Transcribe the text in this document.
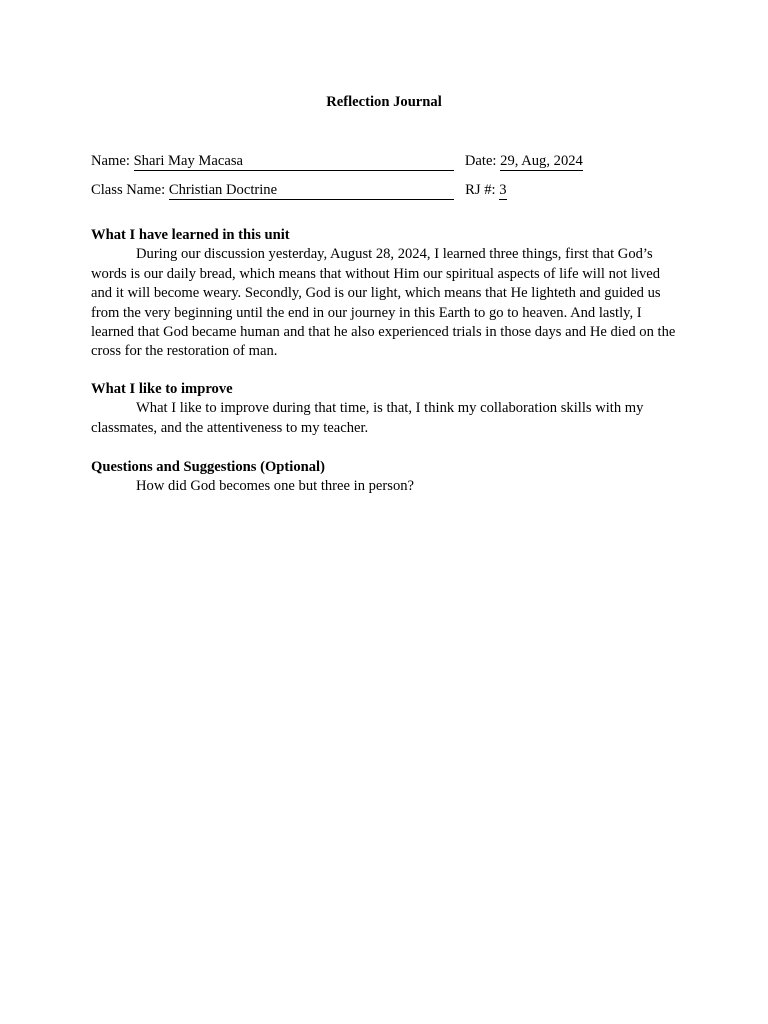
Reflection Journal
Name: Shari May Macasa	Date: 29, Aug, 2024
Class Name: Christian Doctrine	RJ #: 3
What I have learned in this unit

During our discussion yesterday, August 28, 2024, I learned three things, first that God’s words is our daily bread, which means that without Him our spiritual aspects of life will not lived and it will become weary. Secondly, God is our light, which means that He lighteth and guided us from the very beginning until the end in our journey in this Earth to go to heaven. And lastly, I learned that God became human and that he also experienced trials in those days and He died on the cross for the restoration of man.

What I like to improve

What I like to improve during that time, is that, I think my collaboration skills with my classmates, and the attentiveness to my teacher.

Questions and Suggestions (Optional)

How did God becomes one but three in person?
